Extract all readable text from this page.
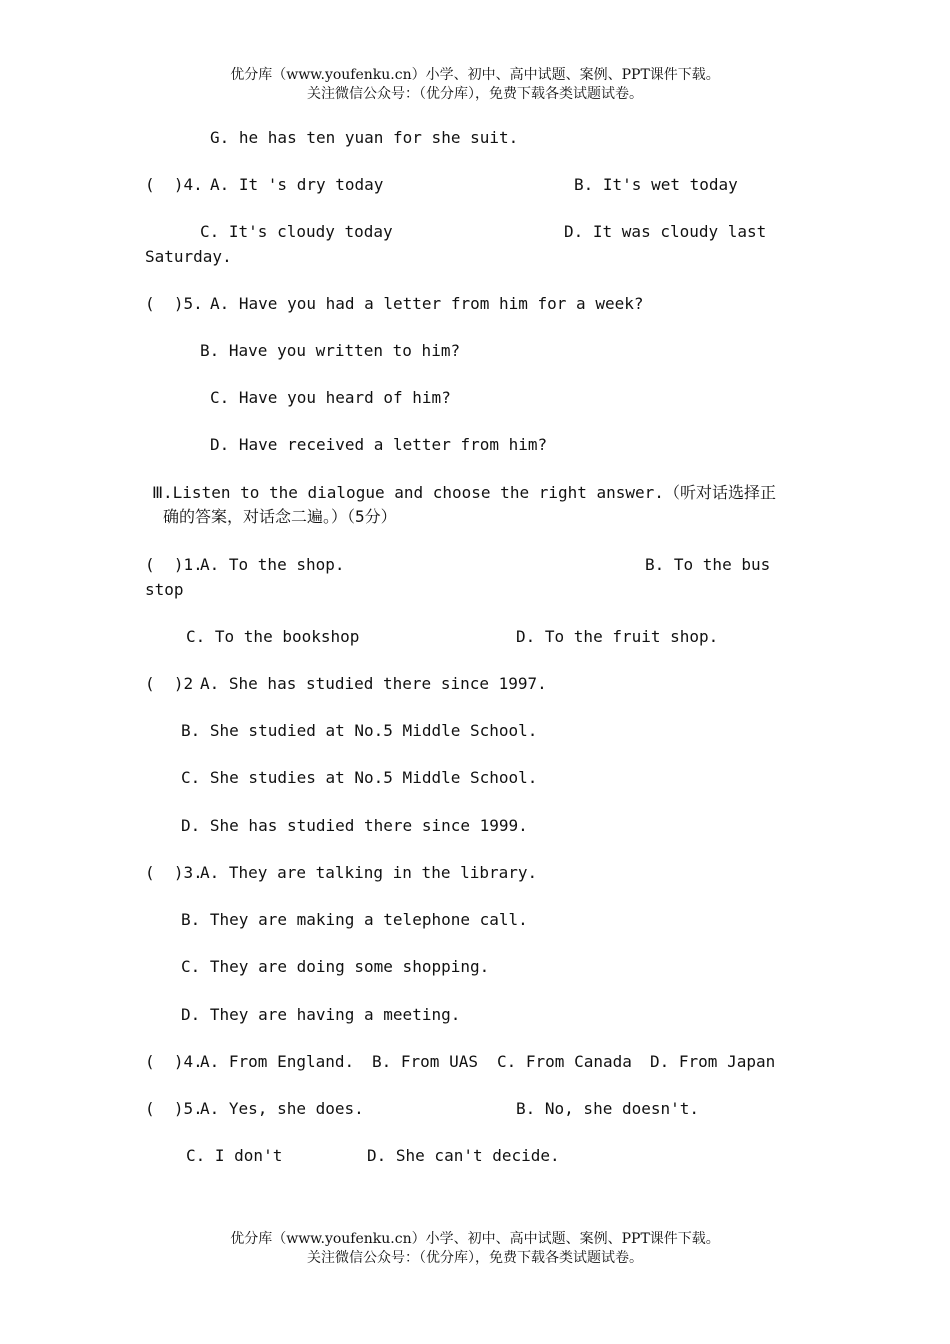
优分库（www.youfenku.cn）小学、初中、高中试题、案例、PPT课件下载。
关注微信公众号：（优分库），免费下载各类试题试卷。
G. he has ten yuan for she suit.
(  )4. A. It 's dry today	B. It's wet today
C. It's cloudy today	D. It was cloudy last
Saturday.
(  )5. A. Have you had a letter from him for a week?
B. Have you written to him?
C. Have you heard of him?
D. Have received a letter from him?
Ⅲ.Listen to the dialogue and choose the right answer.（听对话选择正
确的答案，对话念二遍。）（5分）
(  )1.
A. To the shop.	B. To the bus
stop
C. To the bookshop	D. To the fruit shop.
(  )2 A. She has studied there since 1997.
B. She studied at No.5 Middle School.
C. She studies at No.5 Middle School.
D. She has studied there since 1999.
(  )3.
A. They are talking in the library.
B. They are making a telephone call.
C. They are doing some shopping.
D. They are having a meeting.
(  )4.
A. From England. B. From UAS C. From Canada D. From Japan
(  )5.
A. Yes, she does.	B. No, she doesn't.
C. I don't	D. She can't decide.
优分库（www.youfenku.cn）小学、初中、高中试题、案例、PPT课件下载。
关注微信公众号：（优分库），免费下载各类试题试卷。
